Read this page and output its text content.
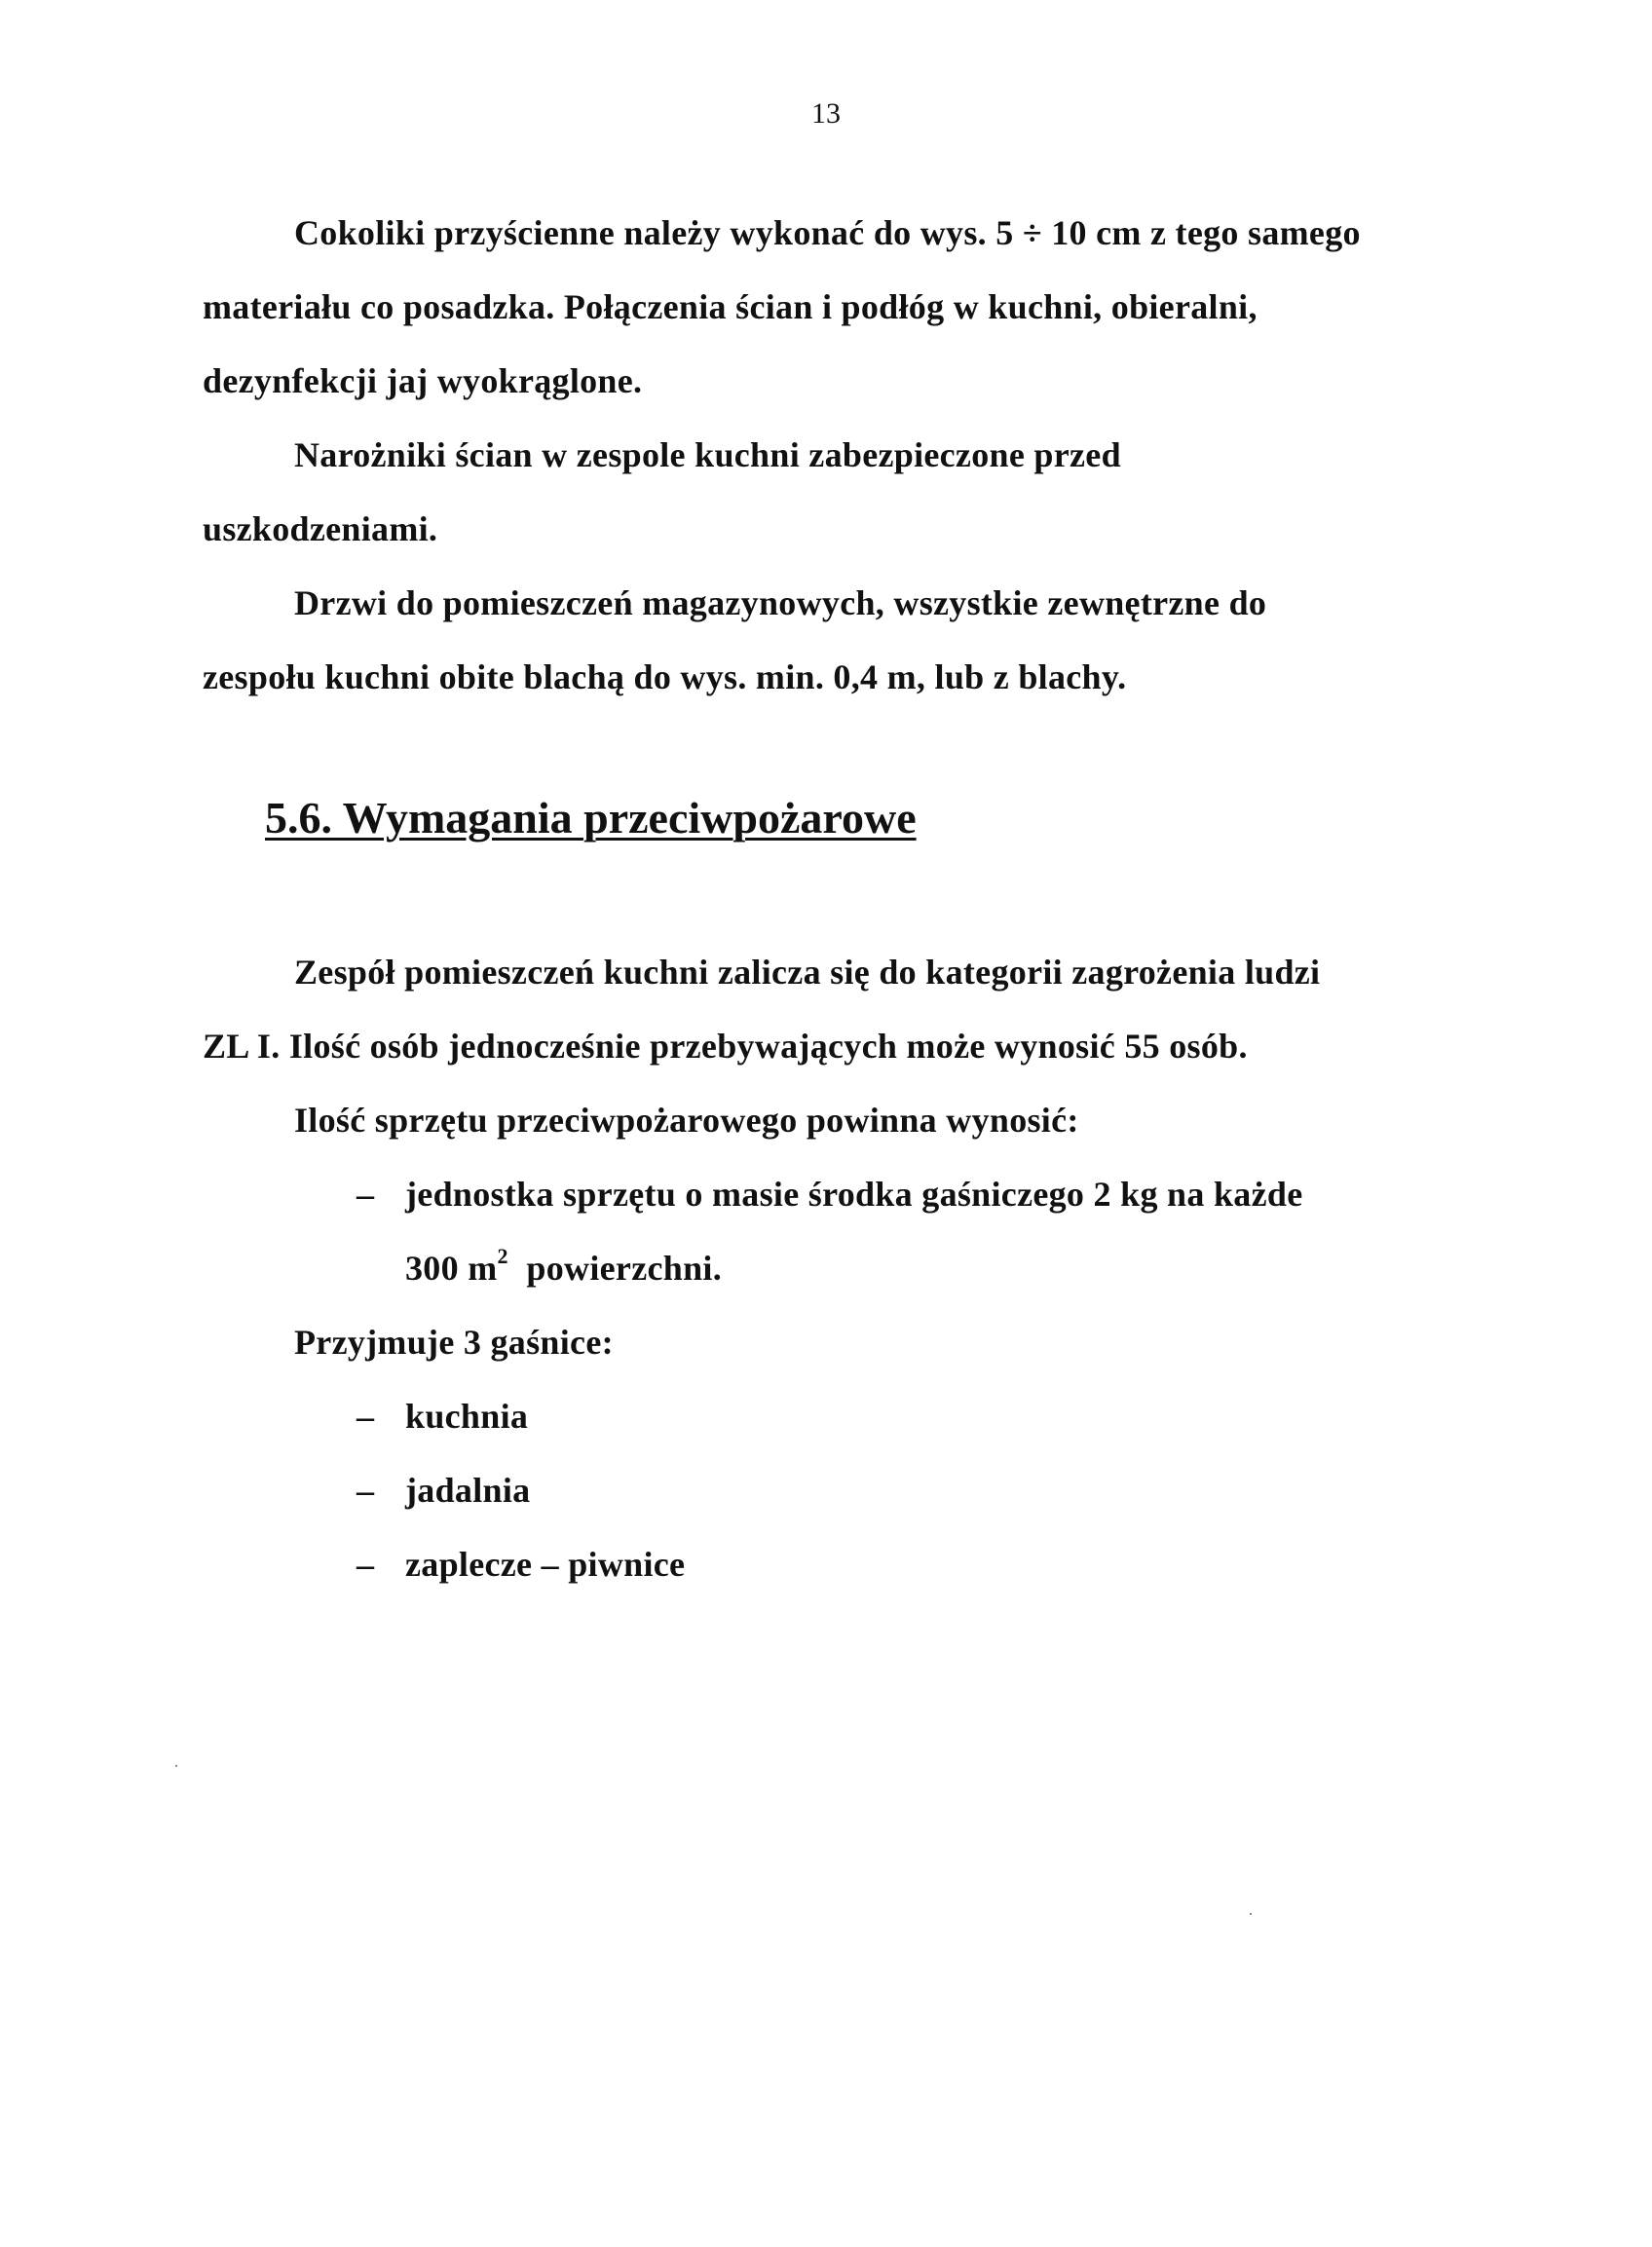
13
Cokoliki przyścienne należy wykonać do wys. 5 ÷ 10 cm z tego samego
materiału co posadzka. Połączenia ścian i podłóg w kuchni, obieralni,
dezynfekcji jaj wyokrąglone.
Narożniki ścian w zespole kuchni zabezpieczone przed
uszkodzeniami.
Drzwi do pomieszczeń magazynowych, wszystkie zewnętrzne do
zespołu kuchni obite blachą do wys. min. 0,4 m, lub z blachy.
5.6. Wymagania przeciwpożarowe
Zespół pomieszczeń kuchni zalicza się do kategorii zagrożenia ludzi
ZL I. Ilość osób jednocześnie przebywających może wynosić 55 osób.
Ilość sprzętu przeciwpożarowego powinna wynosić:
– jednostka sprzętu o masie środka gaśniczego 2 kg na każde
300 $m^2$  powierzchni.
Przyjmuje 3 gaśnice:
– kuchnia
– jadalnia
– zaplecze – piwnice
